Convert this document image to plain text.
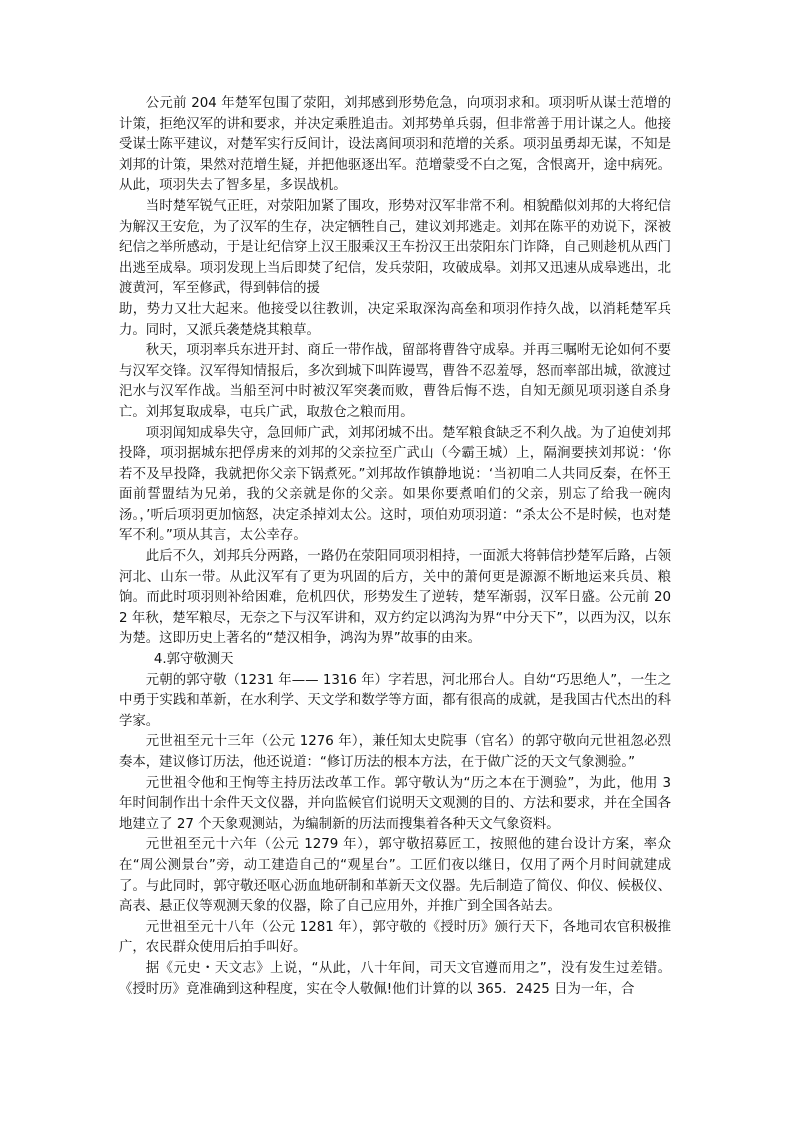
公元前 204 年楚军包围了荥阳，刘邦感到形势危急，向项羽求和。项羽听从谋士范增的计策，拒绝汉军的讲和要求，并决定乘胜追击。刘邦势单兵弱，但非常善于用计谋之人。他接受谋士陈平建议，对楚军实行反间计，设法离间项羽和范增的关系。项羽虽勇却无谋，不知是刘邦的计策，果然对范增生疑，并把他驱逐出军。范增蒙受不白之冤，含恨离开，途中病死。从此，项羽失去了智多星，多误战机。

当时楚军锐气正旺，对荥阳加紧了围攻，形势对汉军非常不利。相貌酷似刘邦的大将纪信为解汉王安危，为了汉军的生存，决定牺牲自己，建议刘邦逃走。刘邦在陈平的劝说下，深被纪信之举所感动，于是让纪信穿上汉王服乘汉王车扮汉王出荥阳东门诈降，自己则趁机从西门出逃至成皋。项羽发现上当后即焚了纪信，发兵荥阳，攻破成皋。刘邦又迅速从成皋逃出，北渡黄河，军至修武，得到韩信的援

助，势力又壮大起来。他接受以往教训，决定采取深沟高垒和项羽作持久战，以消耗楚军兵力。同时，又派兵袭楚烧其粮草。

秋天，项羽率兵东进开封、商丘一带作战，留部将曹咎守成皋。并再三嘱咐无论如何不要与汉军交锋。汉军得知情报后，多次到城下叫阵谩骂，曹咎不忍羞辱，怒而率部出城，欲渡过汜水与汉军作战。当船至河中时被汉军突袭而败，曹咎后悔不迭，自知无颜见项羽遂自杀身亡。刘邦复取成皋，屯兵广武，取敖仓之粮而用。

项羽闻知成皋失守，急回师广武，刘邦闭城不出。楚军粮食缺乏不利久战。为了迫使刘邦投降，项羽据城东把俘虏来的刘邦的父亲拉至广武山（今霸王城）上，隔涧要挟刘邦说：‘你若不及早投降，我就把你父亲下锅煮死。”刘邦故作镇静地说：‘当初咱二人共同反秦，在怀王面前誓盟结为兄弟，我的父亲就是你的父亲。如果你要煮咱们的父亲，别忘了给我一碗肉汤。，’听后项羽更加恼怒，决定杀掉刘太公。这时，项伯劝项羽道：“杀太公不是时候，也对楚军不利。”项从其言，太公幸存。

此后不久，刘邦兵分两路，一路仍在荥阳同项羽相持，一面派大将韩信抄楚军后路，占领河北、山东一带。从此汉军有了更为巩固的后方，关中的萧何更是源源不断地运来兵员、粮饷。而此时项羽则补给困难，危机四伏，形势发生了逆转，楚军渐弱，汉军日盛。公元前 202 年秋，楚军粮尽，无奈之下与汉军讲和，双方约定以鸿沟为界“中分天下”，以西为汉，以东为楚。这即历史上著名的“楚汉相争，鸿沟为界”故事的由来。

4.郭守敬测天

元朝的郭守敬（1231 年—— 1316 年）字若思，河北邢台人。自幼“巧思绝人”，一生之中勇于实践和革新，在水利学、天文学和数学等方面，都有很高的成就，是我国古代杰出的科学家。

元世祖至元十三年（公元 1276 年），兼任知太史院事（官名）的郭守敬向元世祖忽必烈奏本，建议修订历法，他还说道：“修订历法的根本方法，在于做广泛的天文气象测验。”

元世祖令他和王恂等主持历法改革工作。郭守敬认为“历之本在于测验”，为此，他用 3 年时间制作出十余件天文仪器，并向监候官们说明天文观测的目的、方法和要求，并在全国各地建立了 27 个天象观测站，为编制新的历法而搜集着各种天文气象资料。

元世祖至元十六年（公元 1279 年），郭守敬招募匠工，按照他的建台设计方案，率众在“周公测景台”旁，动工建造自己的“观星台”。工匠们夜以继日，仅用了两个月时间就建成了。与此同时，郭守敬还呕心沥血地研制和革新天文仪器。先后制造了简仪、仰仪、候极仪、高表、悬正仪等观测天象的仪器，除了自己应用外，并推广到全国各站去。

元世祖至元十八年（公元 1281 年），郭守敬的《授时历》颁行天下，各地司农官积极推广，农民群众使用后拍手叫好。

据《元史・天文志》上说，“从此，八十年间，司天文官遵而用之”，没有发生过差错。《授时历》竟准确到这种程度，实在令人敬佩!他们计算的以 365．2425 日为一年，合
